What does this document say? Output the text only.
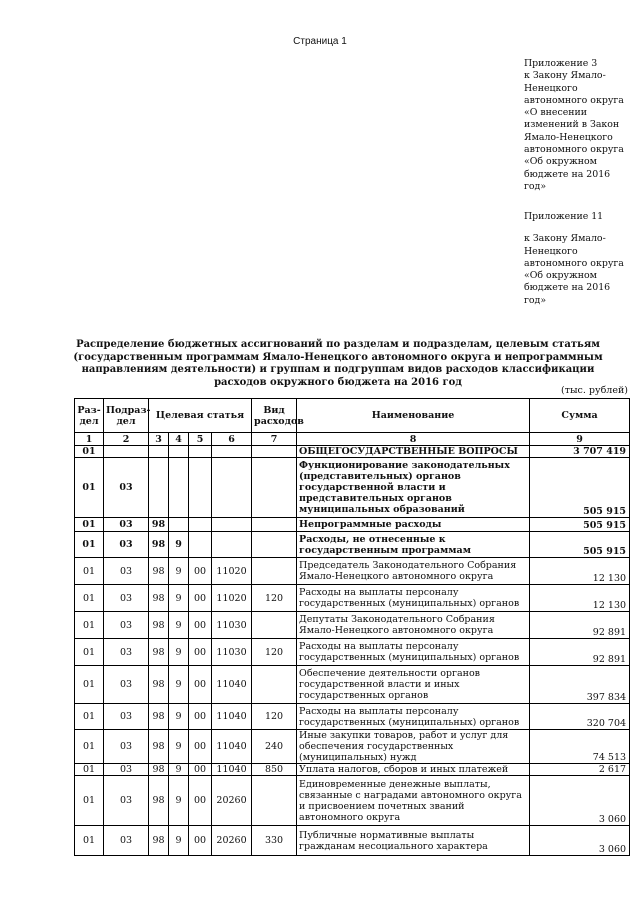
Страница 1
Приложение 3
к Закону Ямало-
Ненецкого
автономного округа
«О внесении
изменений в Закон
Ямало-Ненецкого
автономного округа
«Об окружном
бюджете на 2016
год»
Приложение 11
к Закону Ямало-
Ненецкого
автономного округа
«Об окружном
бюджете на 2016
год»
Распределение бюджетных ассигнований по разделам и подразделам, целевым статьям (государственным программам Ямало-Ненецкого автономного округа и непрограммным направлениям деятельности) и группам и подгруппам видов расходов классификации расходов окружного бюджета на 2016 год
(тыс. рублей)
Раз-дел	Подраз-дел	Целевая статья				Вид расходов	Наименование	Сумма
1	2	3	4	5	6	7	8	9
01							ОБЩЕГОСУДАРСТВЕННЫЕ ВОПРОСЫ	3 707 419
01	03						Функционирование законодательных (представительных) органов государственной власти и представительных органов муниципальных образований	505 915
01	03	98					Непрограммные расходы	505 915
01	03	98	9				Расходы, не отнесенные к государственным программам	505 915
01	03	98	9	00	11020		Председатель Законодательного Собрания Ямало-Ненецкого автономного округа	12 130
01	03	98	9	00	11020	120	Расходы на выплаты персоналу государственных (муниципальных) органов	12 130
01	03	98	9	00	11030		Депутаты Законодательного Собрания Ямало-Ненецкого автономного округа	92 891
01	03	98	9	00	11030	120	Расходы на выплаты персоналу государственных (муниципальных) органов	92 891
01	03	98	9	00	11040		Обеспечение деятельности органов государственной власти и иных государственных органов	397 834
01	03	98	9	00	11040	120	Расходы на выплаты персоналу государственных (муниципальных) органов	320 704
01	03	98	9	00	11040	240	Иные закупки товаров, работ и услуг для обеспечения государственных (муниципальных) нужд	74 513
01	03	98	9	00	11040	850	Уплата налогов, сборов и иных платежей	2 617
01	03	98	9	00	20260		Единовременные денежные выплаты, связанные с наградами автономного округа и присвоением почетных званий автономного округа	3 060
01	03	98	9	00	20260	330	Публичные нормативные выплаты гражданам несоциального характера	3 060
